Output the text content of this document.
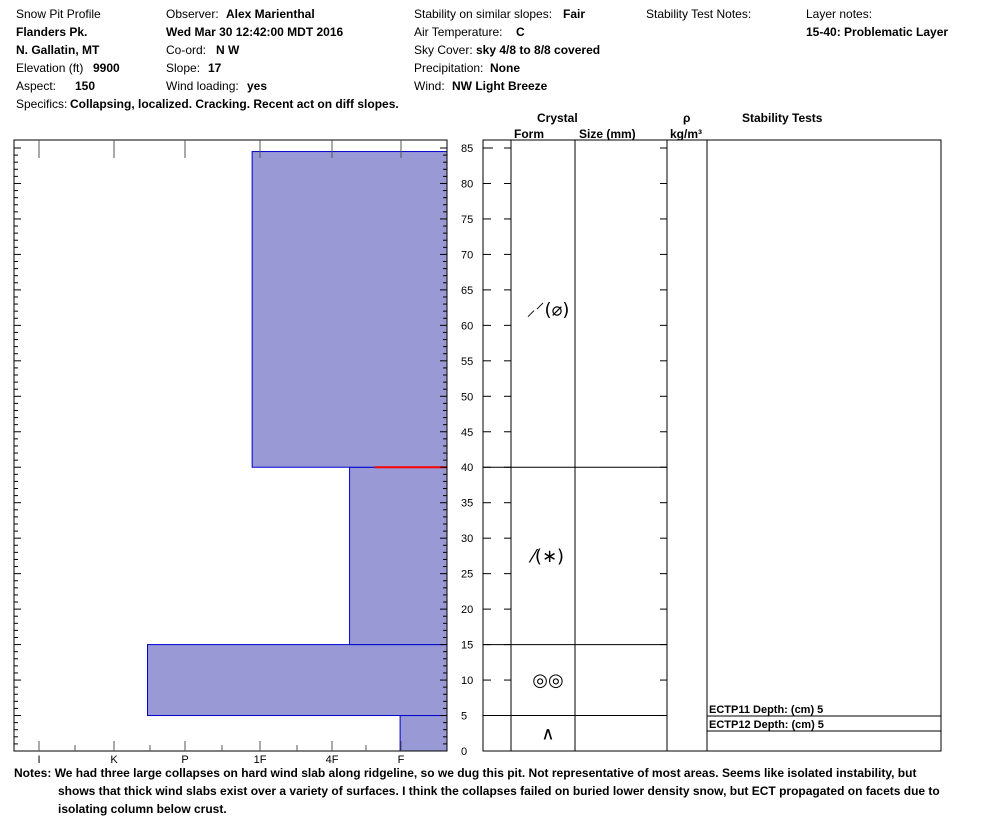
Snow Pit Profile
Flanders Pk.
N. Gallatin, MT
Elevation (ft) 9900
Aspect: 150
Specifics: Collapsing, localized. Cracking. Recent act on diff slopes.
Observer: Alex Marienthal
Wed Mar 30 12:42:00 MDT 2016
Co-ord: N W
Slope: 17
Wind loading: yes
Stability on similar slopes: Fair
Air Temperature: C
Sky Cover: sky 4/8 to 8/8 covered
Precipitation: None
Wind: NW Light Breeze
Stability Test Notes:	Layer notes:
15-40: Problematic Layer
Crystal
Form	Size (mm)
ρ
kg/m³
Stability Tests
I	K	P	1F	4F	F
0
5
10
15
20
25
30
35
40
45
50
55
60
65
70
75
80
85
∧
◎◎
⁄(∗)
⸝⸍(⌀)
ECTP11 Depth: (cm) 5
ECTP12 Depth: (cm) 5
Notes: We had three large collapses on hard wind slab along ridgeline, so we dug this pit. Not representative of most areas. Seems like isolated instability, but
shows that thick wind slabs exist over a variety of surfaces. I think the collapses failed on buried lower density snow, but ECT propagated on facets due to
isolating column below crust.
